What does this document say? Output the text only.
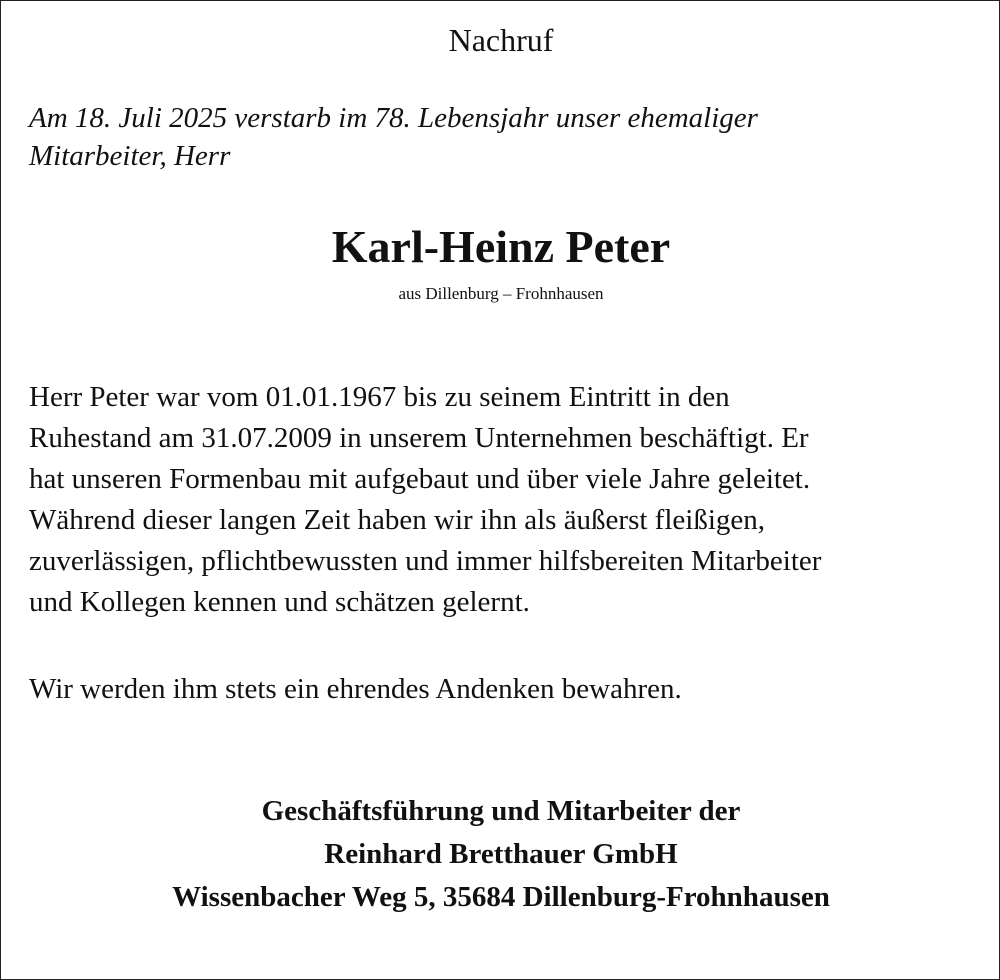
Nachruf
Am 18. Juli 2025 verstarb im 78. Lebensjahr unser ehemaliger
Mitarbeiter, Herr
Karl-Heinz Peter
aus Dillenburg – Frohnhausen
Herr Peter war vom 01.01.1967 bis zu seinem Eintritt in den
Ruhestand am 31.07.2009 in unserem Unternehmen beschäftigt. Er
hat unseren Formenbau mit aufgebaut und über viele Jahre geleitet.
Während dieser langen Zeit haben wir ihn als äußerst fleißigen,
zuverlässigen, pflichtbewussten und immer hilfsbereiten Mitarbeiter
und Kollegen kennen und schätzen gelernt.
Wir werden ihm stets ein ehrendes Andenken bewahren.
Geschäftsführung und Mitarbeiter der
Reinhard Bretthauer GmbH
Wissenbacher Weg 5, 35684 Dillenburg-Frohnhausen
